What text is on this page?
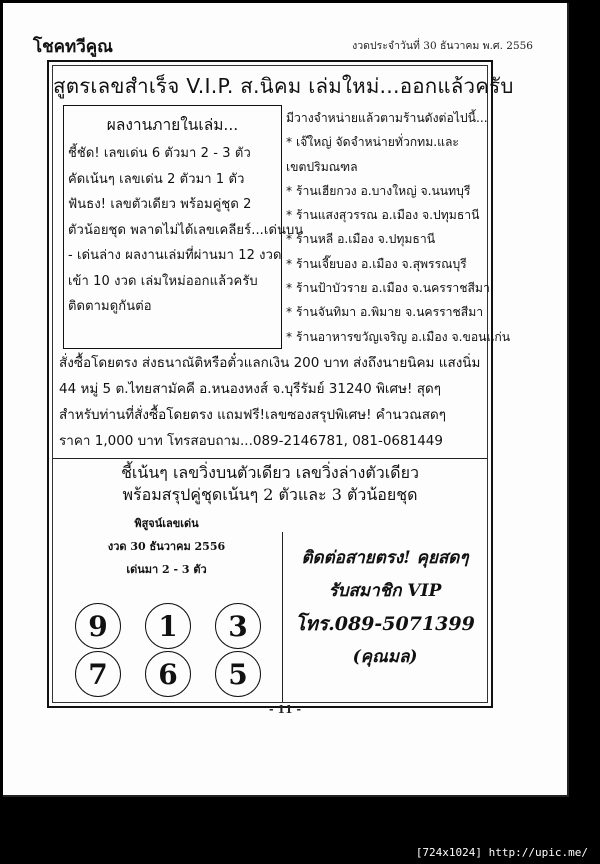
โชคทวีคูณ	งวดประจำวันที่ 30 ธันวาคม พ.ศ. 2556
สูตรเลขสำเร็จ V.I.P. ส.นิคม เล่มใหม่...ออกแล้วครับ
ผลงานภายในเล่ม...
ชี้ชัด! เลขเด่น 6 ตัวมา 2 - 3 ตัว
คัดเน้นๆ เลขเด่น 2 ตัวมา 1 ตัว
ฟันธง! เลขตัวเดียว พร้อมคู่ชุด 2
ตัวน้อยชุด พลาดไม่ได้เลขเคลียร์...เด่นบน
- เด่นล่าง ผลงานเล่มที่ผ่านมา 12 งวด
เข้า 10 งวด เล่มใหม่ออกแล้วครับ
ติดตามดูกันต่อ
มีวางจำหน่ายแล้วตามร้านดังต่อไปนี้...
* เจ๊ใหญ่ จัดจำหน่ายทั่วกทม.และ
เขตปริมณฑล
* ร้านเฮียกวง อ.บางใหญ่ จ.นนทบุรี
* ร้านแสงสุวรรณ อ.เมือง จ.ปทุมธานี
* ร้านหลี อ.เมือง จ.ปทุมธานี
* ร้านเจี๊ยบอง อ.เมือง จ.สุพรรณบุรี
* ร้านป้าบัวราย อ.เมือง จ.นครราชสีมา
* ร้านจันทิมา อ.พิมาย จ.นครราชสีมา
* ร้านอาหารขวัญเจริญ อ.เมือง จ.ขอนแก่น
สั่งซื้อโดยตรง ส่งธนาณัติหรือตั๋วแลกเงิน 200 บาท ส่งถึงนายนิคม แสงนิ่ม
44 หมู่ 5 ต.ไทยสามัคคี อ.หนองหงส์ จ.บุรีรัมย์ 31240 พิเศษ! สุดๆ
สำหรับท่านที่สั่งซื้อโดยตรง แถมฟรี!เลขซองสรุปพิเศษ! คำนวณสดๆ
ราคา 1,000 บาท โทรสอบถาม...089-2146781, 081-0681449
ชี้เน้นๆ เลขวิ่งบนตัวเดียว เลขวิ่งล่างตัวเดียว
พร้อมสรุปคู่ชุดเน้นๆ 2 ตัวและ 3 ตัวน้อยชุด
พิสูจน์เลขเด่น
งวด 30 ธันวาคม 2556
เด่นมา 2 - 3 ตัว
9	1	3
7	6	5
ติดต่อสายตรง! คุยสดๆ
รับสมาชิก VIP
โทร.089-5071399
(คุณมล)
- 11 -
[724x1024] http://upic.me/
